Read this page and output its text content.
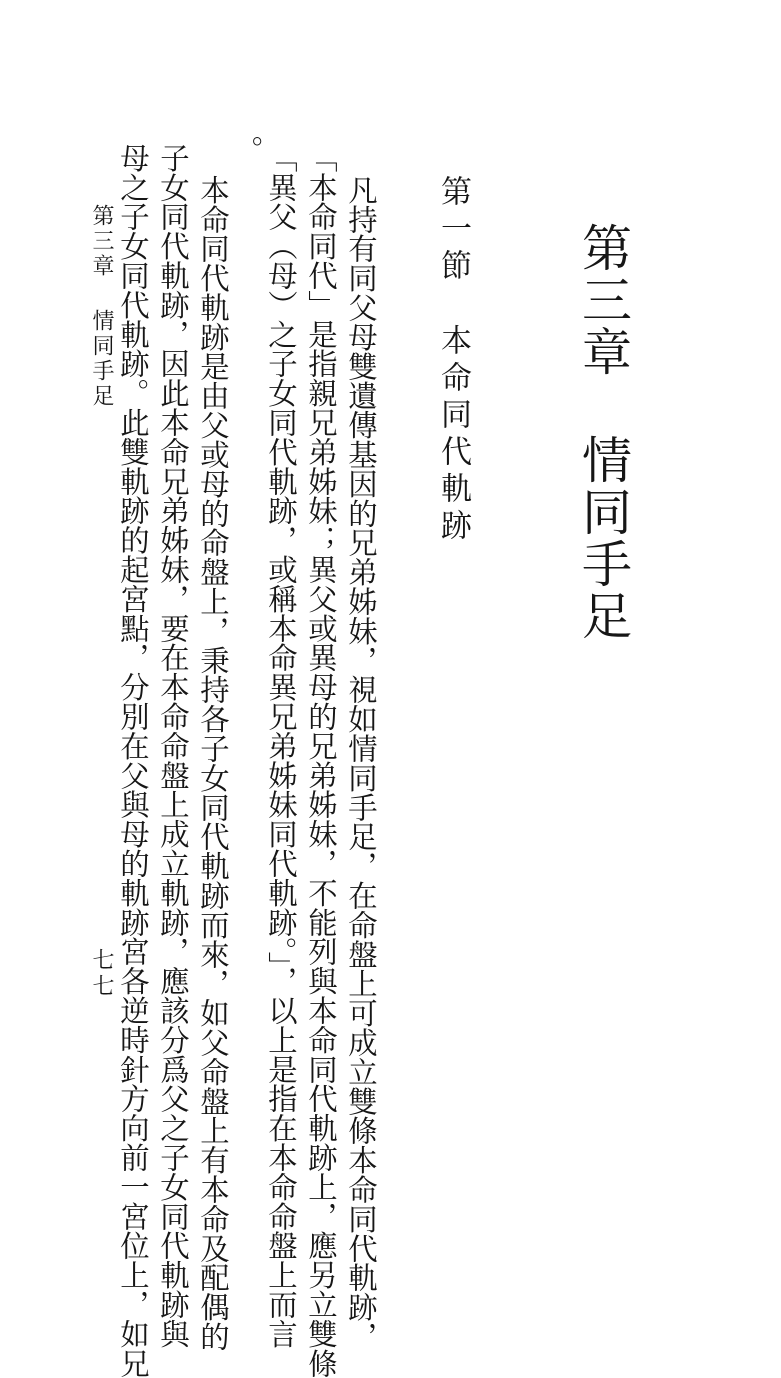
第三章情同手足
第一節本命同代軌跡
凡持有同父母雙遺傳基因的兄弟姊妹，視如情同手足，在命盤上可成立雙條本命同代軌跡，
「本命同代」是指親兄弟姊妹；異父或異母的兄弟姊妹，不能列與本命同代軌跡上，應另立雙條
「異父（母）之子女同代軌跡，或稱本命異兄弟姊妹同代軌跡。」，以上是指在本命命盤上而言
。
本命同代軌跡是由父或母的命盤上，秉持各子女同代軌跡而來，如父命盤上有本命及配偶的
子女同代軌跡，因此本命兄弟姊妹，要在本命命盤上成立軌跡，應該分爲父之子女同代軌跡與
母之子女同代軌跡。此雙軌跡的起宮點，分別在父與母的軌跡宮各逆時針方向前一宮位上，如兄
第三章情同手足
七七
